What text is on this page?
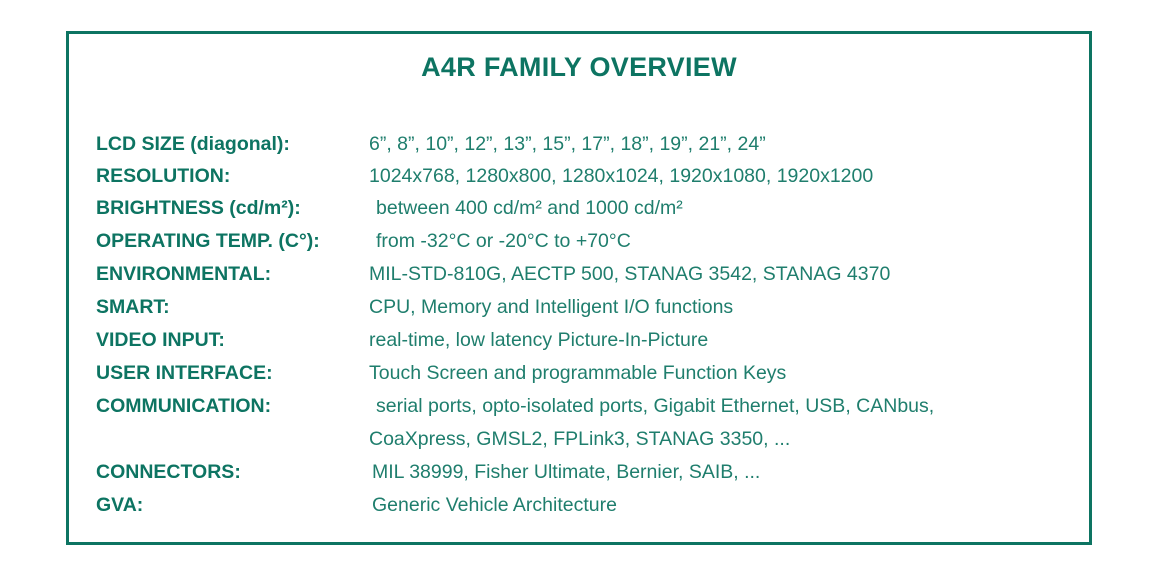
A4R FAMILY OVERVIEW
LCD SIZE (diagonal):	6”, 8”, 10”, 12”, 13”, 15”, 17”, 18”, 19”, 21”, 24”
RESOLUTION:	1024x768, 1280x800, 1280x1024, 1920x1080, 1920x1200
BRIGHTNESS (cd/m²):	between 400 cd/m² and 1000 cd/m²
OPERATING TEMP. (C°):	from -32°C or -20°C to +70°C
ENVIRONMENTAL:	MIL-STD-810G, AECTP 500, STANAG 3542, STANAG 4370
SMART:	CPU, Memory and Intelligent I/O functions
VIDEO INPUT:	real-time, low latency Picture-In-Picture
USER INTERFACE:	Touch Screen and programmable Function Keys
COMMUNICATION:	serial ports, opto-isolated ports, Gigabit Ethernet, USB, CANbus,
CoaXpress, GMSL2, FPLink3, STANAG 3350, ...
CONNECTORS:	MIL 38999, Fisher Ultimate, Bernier, SAIB, ...
GVA:	Generic Vehicle Architecture
